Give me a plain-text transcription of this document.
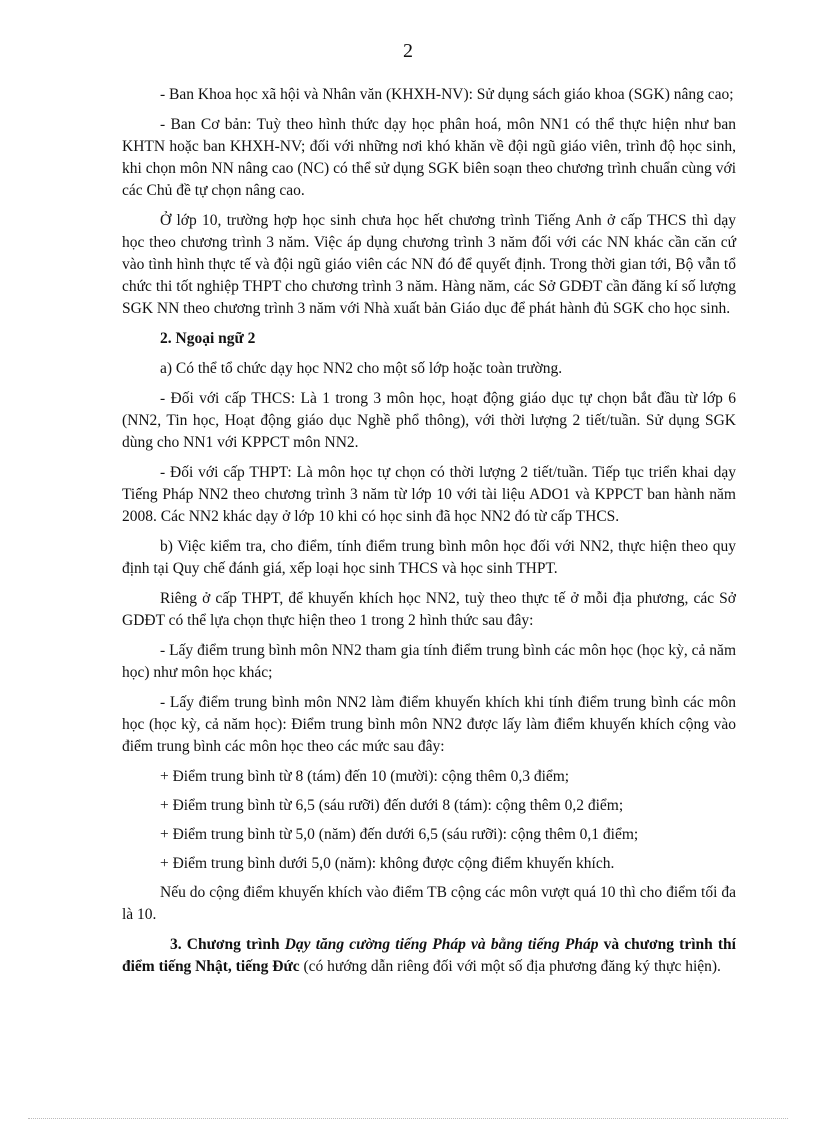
2

- Ban Khoa học xã hội và Nhân văn (KHXH-NV): Sử dụng sách giáo khoa (SGK) nâng cao;

- Ban Cơ bản: Tuỳ theo hình thức dạy học phân hoá, môn NN1 có thể thực hiện như ban KHTN hoặc ban KHXH-NV; đối với những nơi khó khăn về đội ngũ giáo viên, trình độ học sinh, khi chọn môn NN nâng cao (NC) có thể sử dụng SGK biên soạn theo chương trình chuẩn cùng với các Chủ đề tự chọn nâng cao.

Ở lớp 10, trường hợp học sinh chưa học hết chương trình Tiếng Anh ở cấp THCS thì dạy học theo chương trình 3 năm. Việc áp dụng chương trình 3 năm đối với các NN khác cần căn cứ vào tình hình thực tế và đội ngũ giáo viên các NN đó để quyết định. Trong thời gian tới, Bộ vẫn tổ chức thi tốt nghiệp THPT cho chương trình 3 năm. Hàng năm, các Sở GDĐT cần đăng kí số lượng SGK NN theo chương trình 3 năm với Nhà xuất bản Giáo dục để phát hành đủ SGK cho học sinh.

2. Ngoại ngữ 2

a) Có thể tổ chức dạy học NN2 cho một số lớp hoặc toàn trường.

- Đối với cấp THCS: Là 1 trong 3 môn học, hoạt động giáo dục tự chọn bắt đầu từ lớp 6 (NN2, Tin học, Hoạt động giáo dục Nghề phổ thông), với thời lượng 2 tiết/tuần. Sử dụng SGK dùng cho NN1 với KPPCT môn NN2.

- Đối với cấp THPT: Là môn học tự chọn có thời lượng 2 tiết/tuần. Tiếp tục triển khai dạy Tiếng Pháp NN2 theo chương trình 3 năm từ lớp 10 với tài liệu ADO1 và KPPCT ban hành năm 2008. Các NN2 khác dạy ở lớp 10 khi có học sinh đã học NN2 đó từ cấp THCS.

b) Việc kiểm tra, cho điểm, tính điểm trung bình môn học đối với NN2, thực hiện theo quy định tại Quy chế đánh giá, xếp loại học sinh THCS và học sinh THPT.

Riêng ở cấp THPT, để khuyến khích học NN2, tuỳ theo thực tế ở mỗi địa phương, các Sở GDĐT có thể lựa chọn thực hiện theo 1 trong 2 hình thức sau đây:

- Lấy điểm trung bình môn NN2 tham gia tính điểm trung bình các môn học (học kỳ, cả năm học) như môn học khác;

- Lấy điểm trung bình môn NN2 làm điểm khuyến khích khi tính điểm trung bình các môn học (học kỳ, cả năm học): Điểm trung bình môn NN2 được lấy làm điểm khuyến khích cộng vào điểm trung bình các môn học theo các mức sau đây:

+ Điểm trung bình từ 8 (tám) đến 10 (mười): cộng thêm 0,3 điểm;

+ Điểm trung bình từ 6,5 (sáu rưỡi) đến dưới 8 (tám): cộng thêm 0,2 điểm;

+ Điểm trung bình từ 5,0 (năm) đến dưới 6,5 (sáu rưỡi): cộng thêm 0,1 điểm;

+ Điểm trung bình dưới 5,0 (năm): không được cộng điểm khuyến khích.

Nếu do cộng điểm khuyến khích vào điểm TB cộng các môn vượt quá 10 thì cho điểm tối đa là 10.

3. Chương trình Dạy tăng cường tiếng Pháp và bằng tiếng Pháp và chương trình thí điểm tiếng Nhật, tiếng Đức (có hướng dẫn riêng đối với một số địa phương đăng ký thực hiện).
